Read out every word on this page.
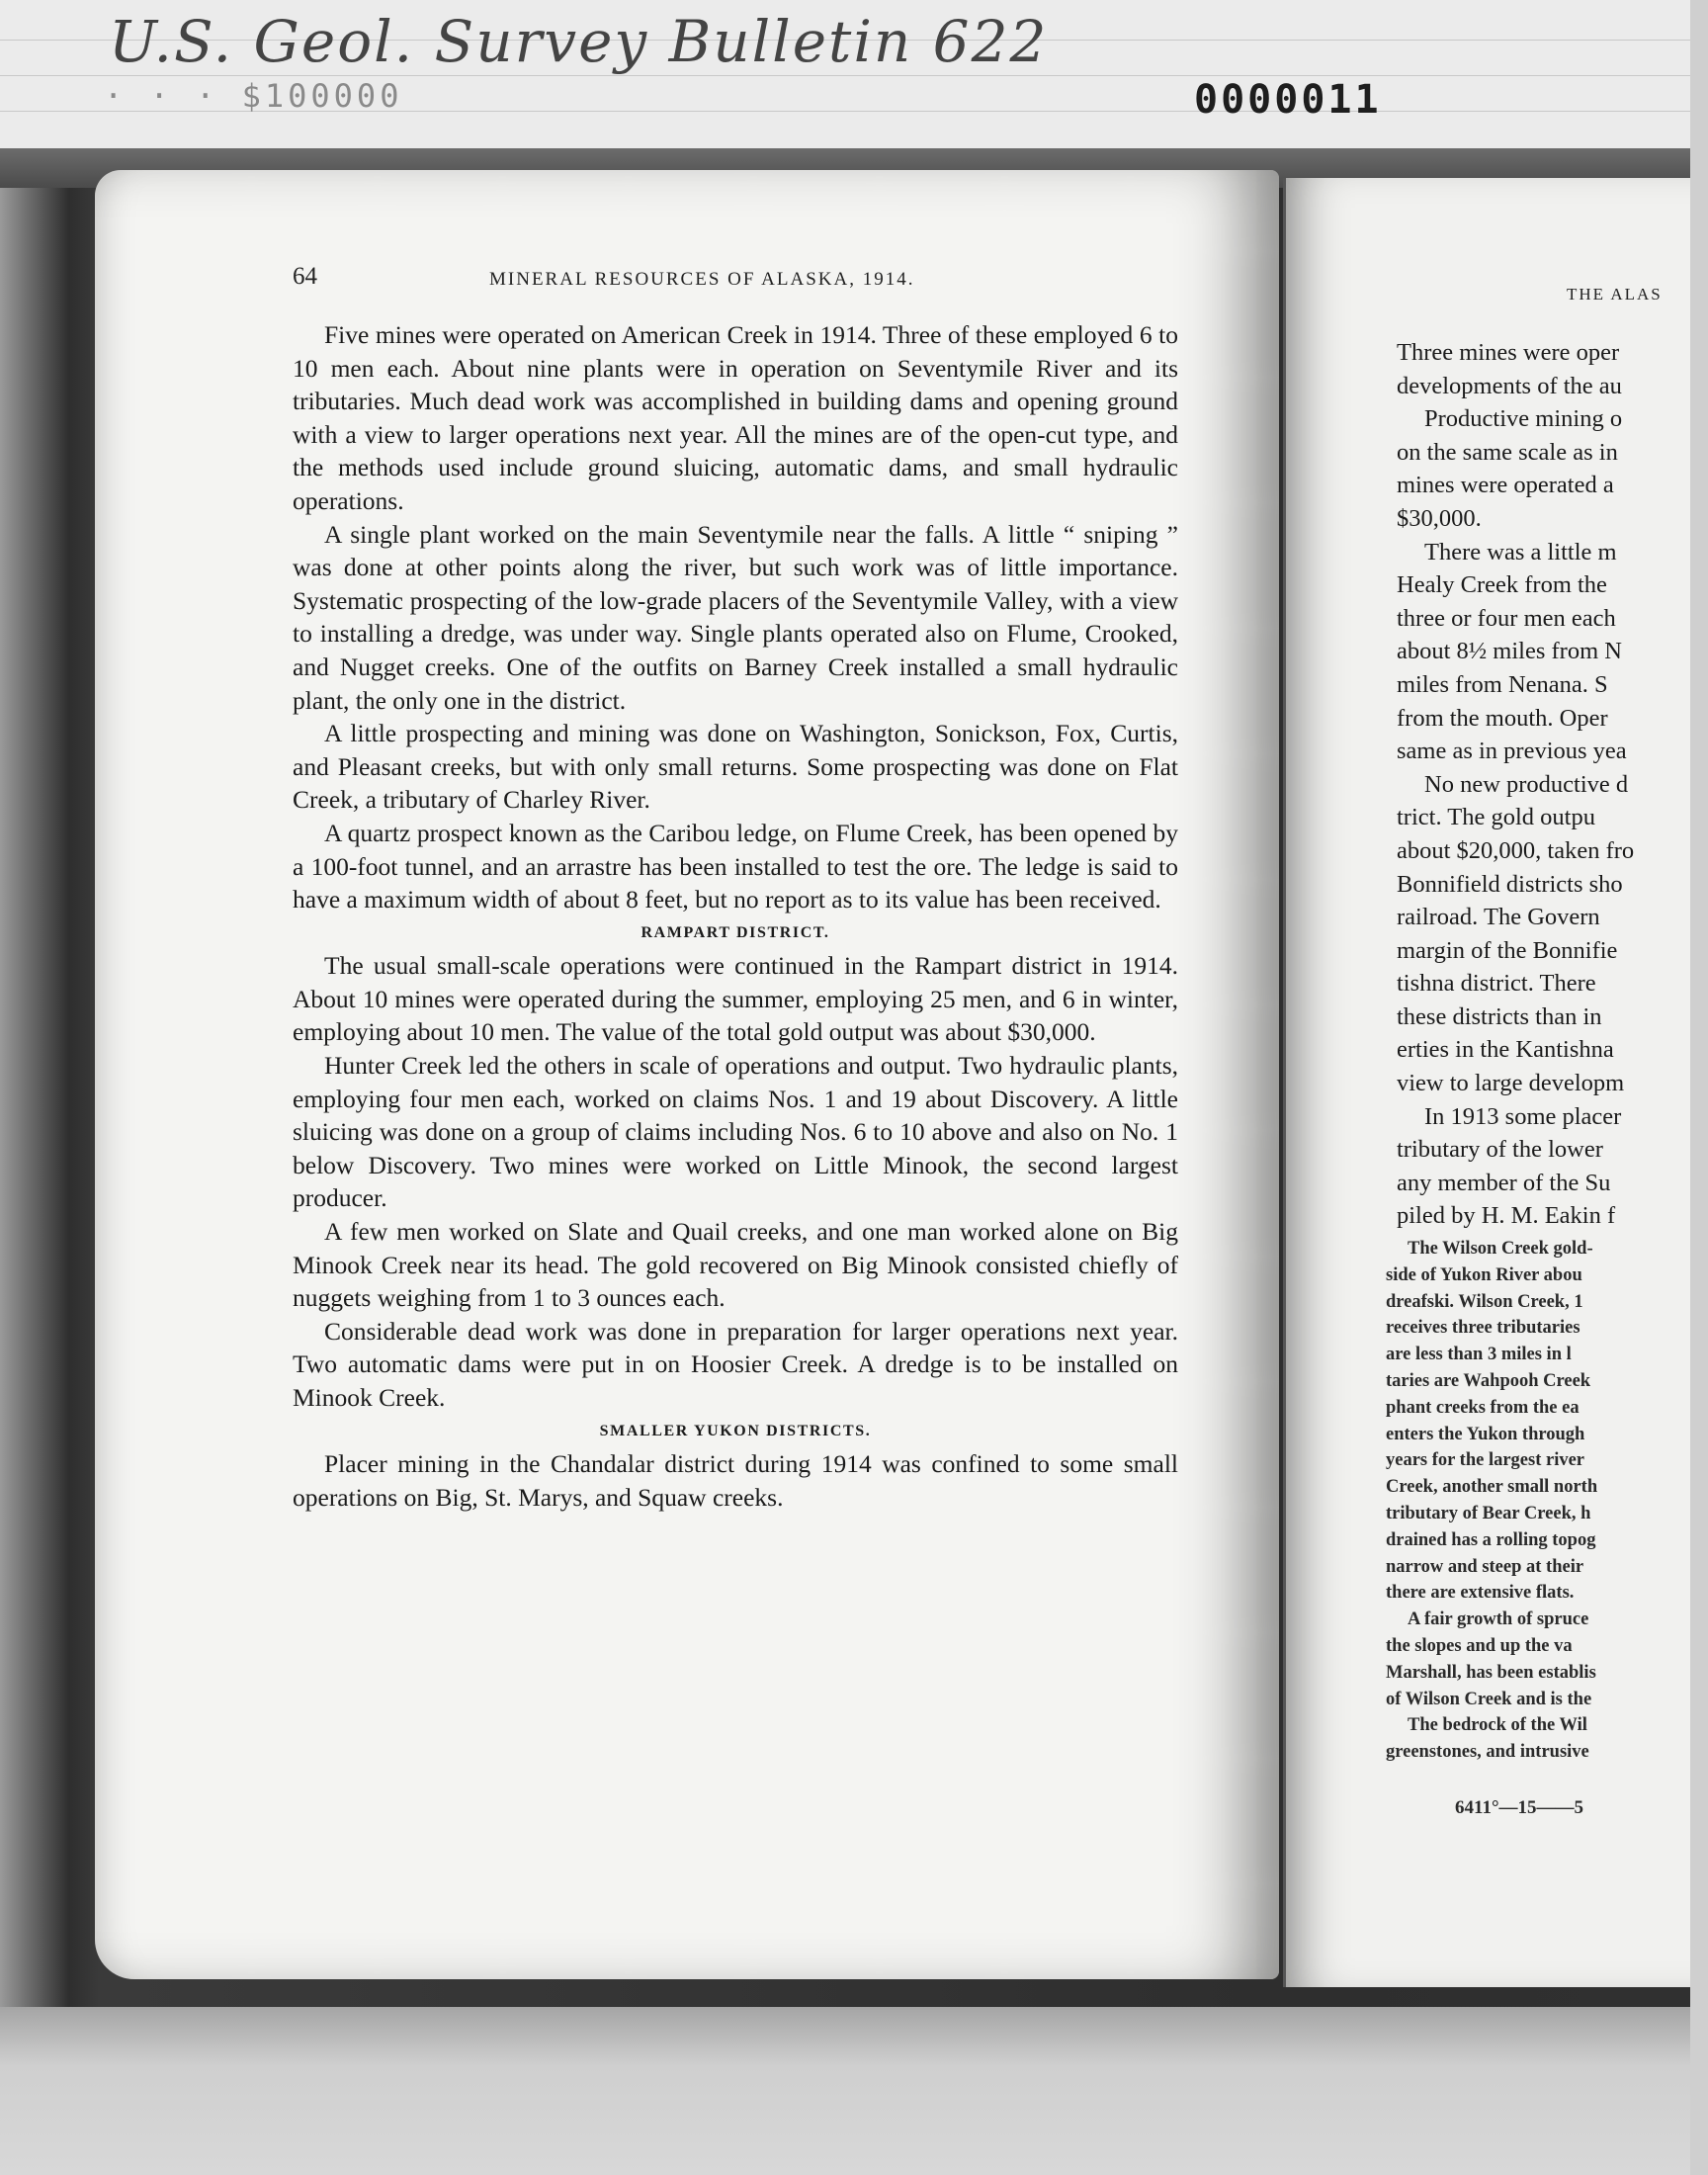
U.S. Geol. Survey Bulletin 622
· · · $100000	0000011
64	MINERAL RESOURCES OF ALASKA, 1914.

Five mines were operated on American Creek in 1914. Three of these employed 6 to 10 men each. About nine plants were in operation on Seventymile River and its tributaries. Much dead work was accomplished in building dams and opening ground with a view to larger operations next year. All the mines are of the open-cut type, and the methods used include ground sluicing, automatic dams, and small hydraulic operations.

A single plant worked on the main Seventymile near the falls. A little “ sniping ” was done at other points along the river, but such work was of little importance. Systematic prospecting of the low-grade placers of the Seventymile Valley, with a view to installing a dredge, was under way. Single plants operated also on Flume, Crooked, and Nugget creeks. One of the outfits on Barney Creek installed a small hydraulic plant, the only one in the district.

A little prospecting and mining was done on Washington, Sonickson, Fox, Curtis, and Pleasant creeks, but with only small returns. Some prospecting was done on Flat Creek, a tributary of Charley River.

A quartz prospect known as the Caribou ledge, on Flume Creek, has been opened by a 100-foot tunnel, and an arrastre has been installed to test the ore. The ledge is said to have a maximum width of about 8 feet, but no report as to its value has been received.

RAMPART DISTRICT.

The usual small-scale operations were continued in the Rampart district in 1914. About 10 mines were operated during the summer, employing 25 men, and 6 in winter, employing about 10 men. The value of the total gold output was about $30,000.

Hunter Creek led the others in scale of operations and output. Two hydraulic plants, employing four men each, worked on claims Nos. 1 and 19 about Discovery. A little sluicing was done on a group of claims including Nos. 6 to 10 above and also on No. 1 below Discovery. Two mines were worked on Little Minook, the second largest producer.

A few men worked on Slate and Quail creeks, and one man worked alone on Big Minook Creek near its head. The gold recovered on Big Minook consisted chiefly of nuggets weighing from 1 to 3 ounces each.

Considerable dead work was done in preparation for larger operations next year. Two automatic dams were put in on Hoosier Creek. A dredge is to be installed on Minook Creek.

SMALLER YUKON DISTRICTS.

Placer mining in the Chandalar district during 1914 was confined to some small operations on Big, St. Marys, and Squaw creeks.

THE ALAS
Three mines were oper
developments of the au
Productive mining o
on the same scale as in
mines were operated a
$30,000.
There was a little m
Healy Creek from the
three or four men each
about 8½ miles from N
miles from Nenana. S
from the mouth. Oper
same as in previous yea
No new productive d
trict. The gold outpu
about $20,000, taken fro
Bonnifield districts sho
railroad. The Govern
margin of the Bonnifie
tishna district. There
these districts than in
erties in the Kantishna
view to large developm
In 1913 some placer
tributary of the lower
any member of the Su
piled by H. M. Eakin f
The Wilson Creek gold-
side of Yukon River abou
dreafski. Wilson Creek, 1
receives three tributaries
are less than 3 miles in l
taries are Wahpooh Creek
phant creeks from the ea
enters the Yukon through
years for the largest river
Creek, another small north
tributary of Bear Creek, h
drained has a rolling topog
narrow and steep at their
there are extensive flats.
A fair growth of spruce
the slopes and up the va
Marshall, has been establis
of Wilson Creek and is the
The bedrock of the Wil
greenstones, and intrusive
6411°—15——5
